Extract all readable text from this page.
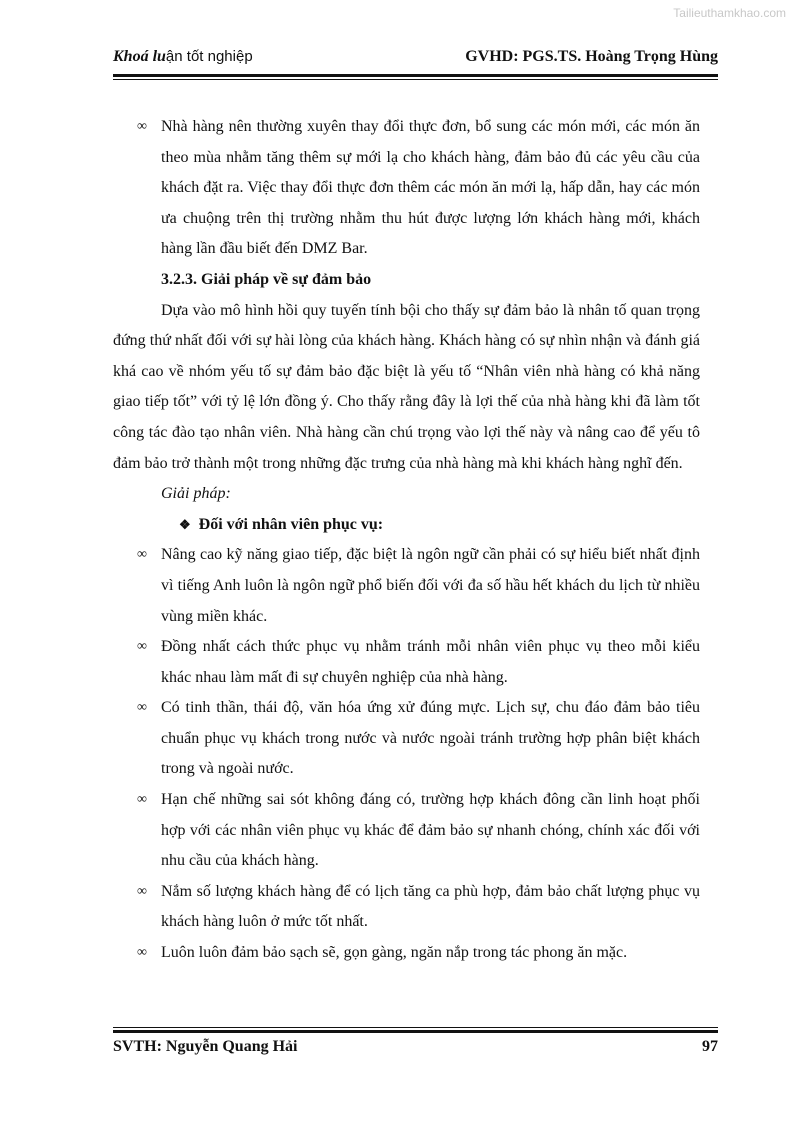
Tailieuthamkhao.com
Khoá luận tốt nghiệp	GVHD: PGS.TS. Hoàng Trọng Hùng
∞ Nhà hàng nên thường xuyên thay đổi thực đơn, bổ sung các món mới, các món ăn theo mùa nhằm tăng thêm sự mới lạ cho khách hàng, đảm bảo đủ các yêu cầu của khách đặt ra. Việc thay đổi thực đơn thêm các món ăn mới lạ, hấp dẫn, hay các món ưa chuộng trên thị trường nhằm thu hút được lượng lớn khách hàng mới, khách hàng lần đầu biết đến DMZ Bar.
3.2.3. Giải pháp về sự đảm bảo
Dựa vào mô hình hồi quy tuyến tính bội cho thấy sự đảm bảo là nhân tố quan trọng đứng thứ nhất đối với sự hài lòng của khách hàng. Khách hàng có sự nhìn nhận và đánh giá khá cao về nhóm yếu tố sự đảm bảo đặc biệt là yếu tố “Nhân viên nhà hàng có khả năng giao tiếp tốt” với tỷ lệ lớn đồng ý. Cho thấy rằng đây là lợi thế của nhà hàng khi đã làm tốt công tác đào tạo nhân viên. Nhà hàng cần chú trọng vào lợi thế này và nâng cao để yếu tô đảm bảo trở thành một trong những đặc trưng của nhà hàng mà khi khách hàng nghĩ đến.
Giải pháp:
❖ Đối với nhân viên phục vụ:
∞ Nâng cao kỹ năng giao tiếp, đặc biệt là ngôn ngữ cần phải có sự hiểu biết nhất định vì tiếng Anh luôn là ngôn ngữ phổ biến đối với đa số hầu hết khách du lịch từ nhiều vùng miền khác.
∞ Đồng nhất cách thức phục vụ nhằm tránh mỗi nhân viên phục vụ theo mỗi kiểu khác nhau làm mất đi sự chuyên nghiệp của nhà hàng.
∞ Có tinh thần, thái độ, văn hóa ứng xử đúng mực. Lịch sự, chu đáo đảm bảo tiêu chuẩn phục vụ khách trong nước và nước ngoài tránh trường hợp phân biệt khách trong và ngoài nước.
∞ Hạn chế những sai sót không đáng có, trường hợp khách đông cần linh hoạt phối hợp với các nhân viên phục vụ khác để đảm bảo sự nhanh chóng, chính xác đối với nhu cầu của khách hàng.
∞ Nắm số lượng khách hàng để có lịch tăng ca phù hợp, đảm bảo chất lượng phục vụ khách hàng luôn ở mức tốt nhất.
∞ Luôn luôn đảm bảo sạch sẽ, gọn gàng, ngăn nắp trong tác phong ăn mặc.
SVTH: Nguyễn Quang Hải	97
